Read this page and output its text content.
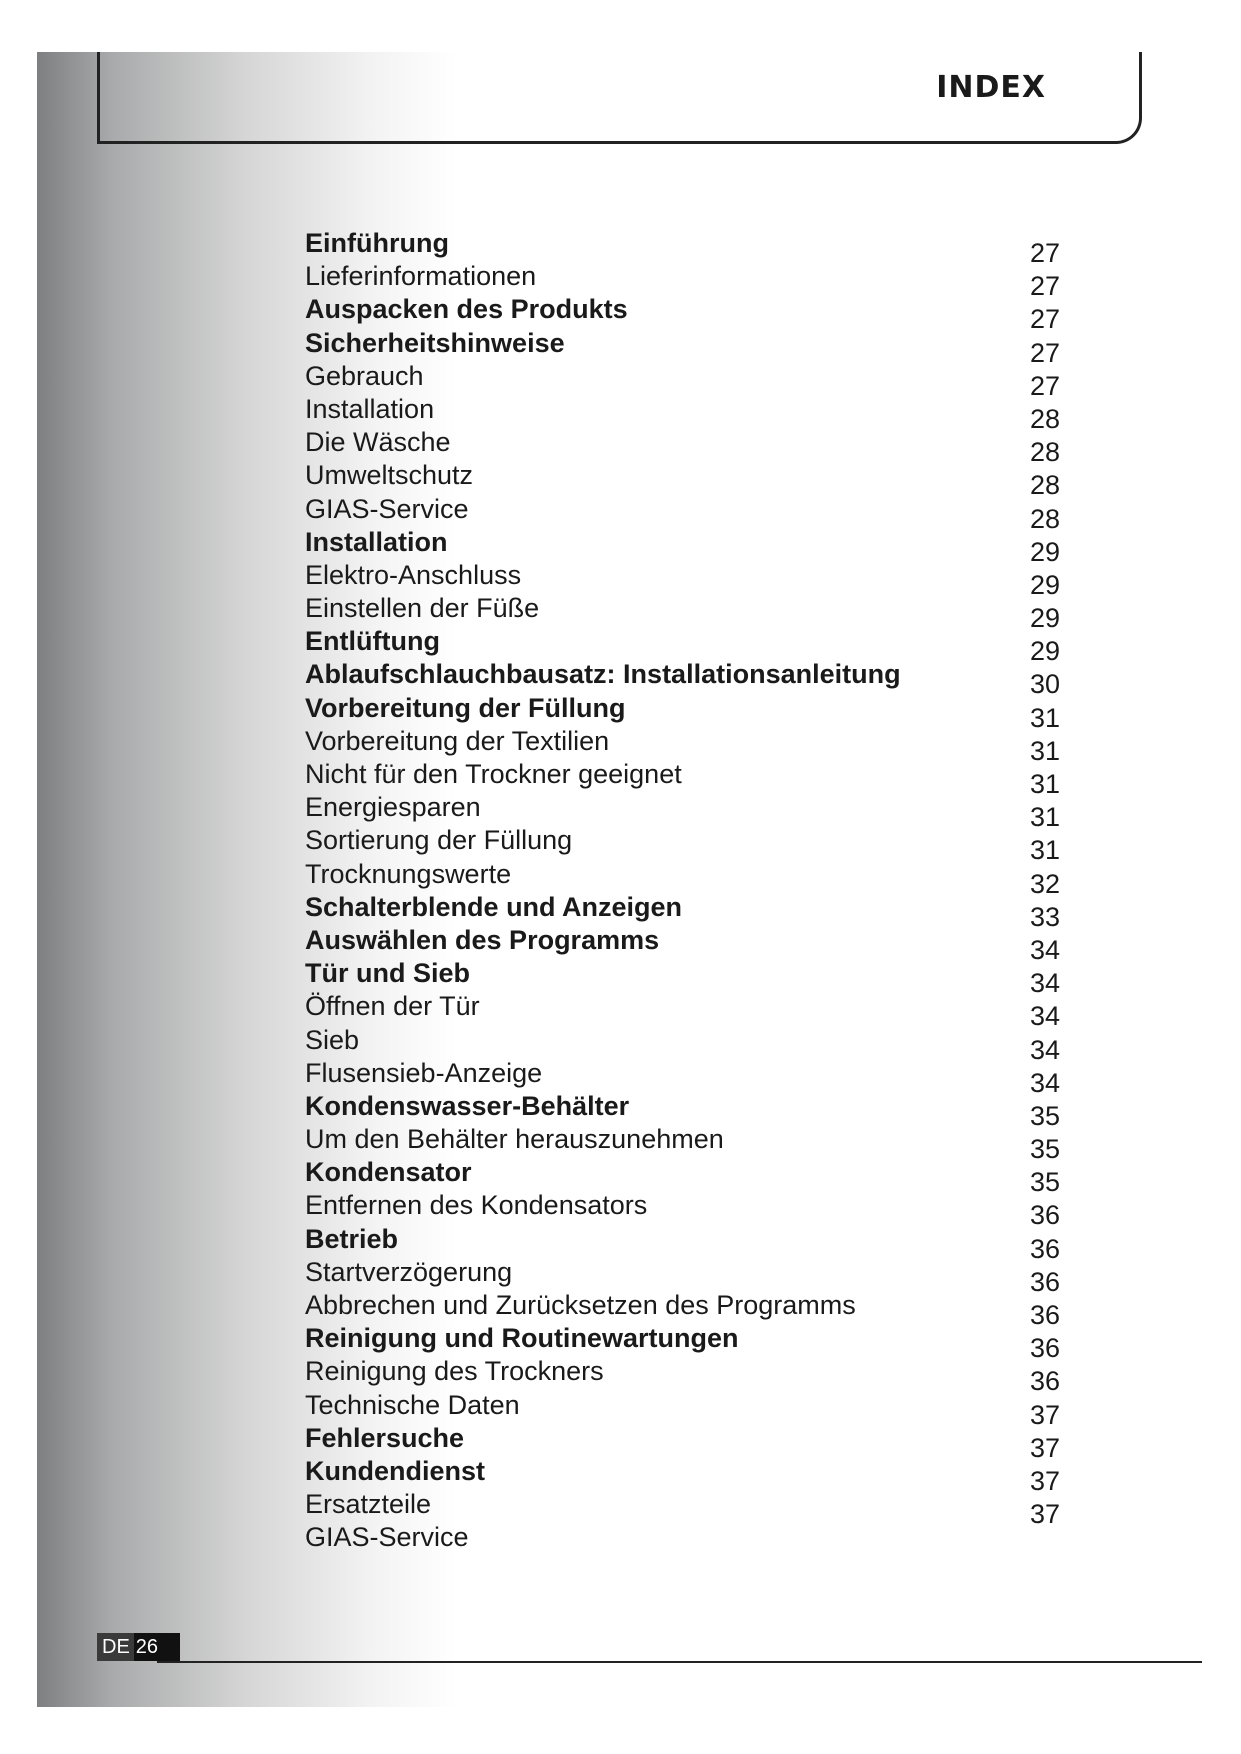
INDEX
Einführung
Lieferinformationen
Auspacken des Produkts
Sicherheitshinweise
Gebrauch
Installation
Die Wäsche
Umweltschutz
GIAS-Service
Installation
Elektro-Anschluss
Einstellen der Füße
Entlüftung
Ablaufschlauchbausatz: Installationsanleitung
Vorbereitung der Füllung
Vorbereitung der Textilien
Nicht für den Trockner geeignet
Energiesparen
Sortierung der Füllung
Trocknungswerte
Schalterblende und Anzeigen
Auswählen des Programms
Tür und Sieb
Öffnen der Tür
Sieb
Flusensieb-Anzeige
Kondenswasser-Behälter
Um den Behälter herauszunehmen
Kondensator
Entfernen des Kondensators
Betrieb
Startverzögerung
Abbrechen und Zurücksetzen des Programms
Reinigung und Routinewartungen
Reinigung des Trockners
Technische Daten
Fehlersuche
Kundendienst
Ersatzteile
GIAS-Service
27
27
27
27
27
28
28
28
28
29
29
29
29
30
31
31
31
31
31
32
33
34
34
34
34
34
35
35
35
36
36
36
36
36
36
37
37
37
37
DE 26
